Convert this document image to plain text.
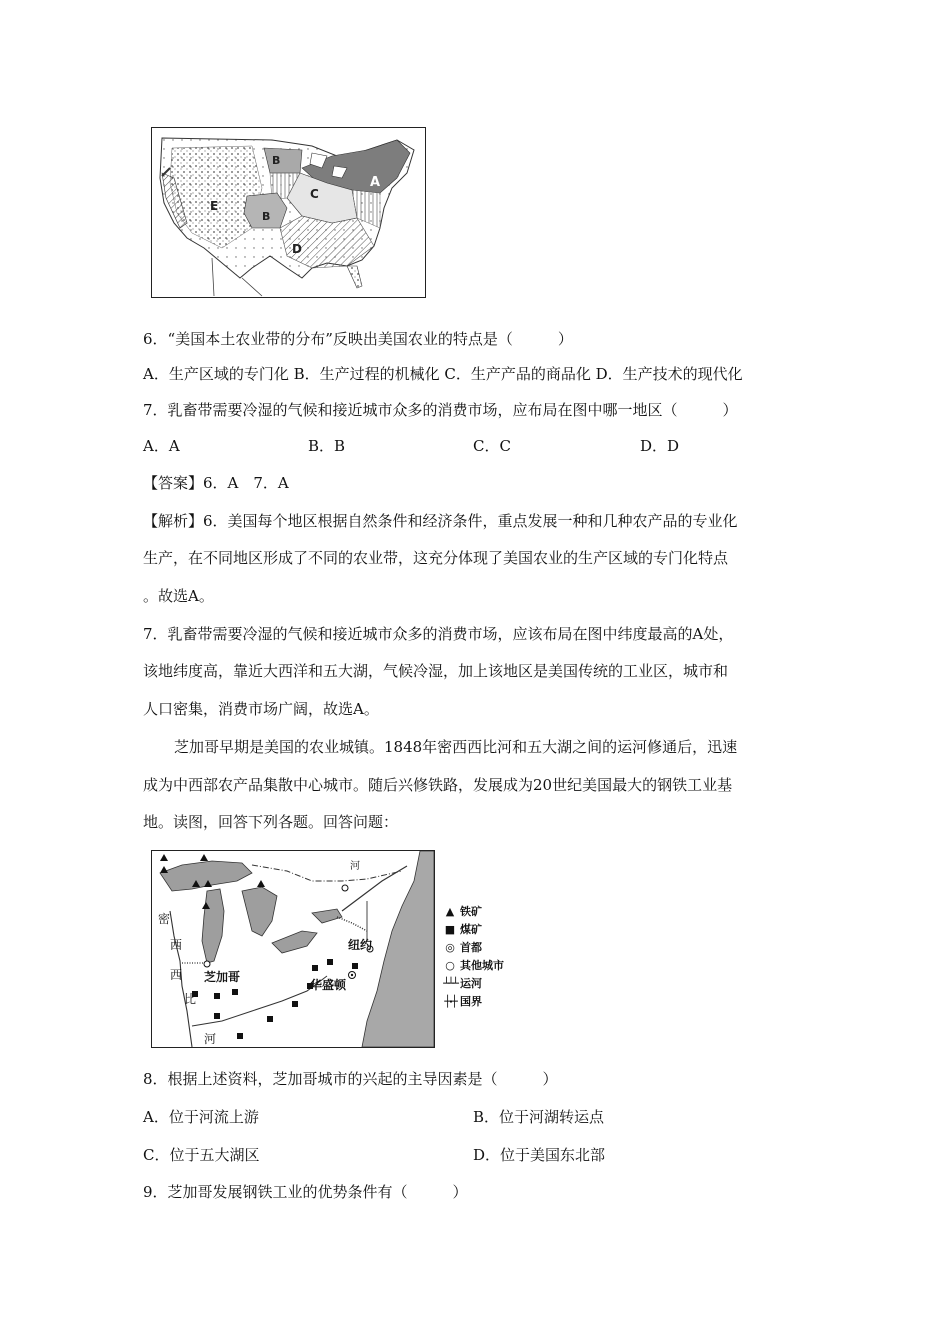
A
B
C
B
D
E
6．“美国本土农业带的分布”反映出美国农业的特点是（　　　）
A．生产区域的专门化 B．生产过程的机械化 C．生产产品的商品化 D．生产技术的现代化
7．乳畜带需要冷湿的气候和接近城市众多的消费市场，应布局在图中哪一地区（　　　）
A．A	B．B	C．C	D．D
【答案】6．A　7．A
【解析】6．美国每个地区根据自然条件和经济条件，重点发展一种和几种农产品的专业化
生产，在不同地区形成了不同的农业带，这充分体现了美国农业的生产区域的专门化特点
。故选A。
7．乳畜带需要冷湿的气候和接近城市众多的消费市场，应该布局在图中纬度最高的A处，
该地纬度高，靠近大西洋和五大湖，气候冷湿，加上该地区是美国传统的工业区，城市和
人口密集，消费市场广阔，故选A。
芝加哥早期是美国的农业城镇。1848年密西西比河和五大湖之间的运河修通后，迅速
成为中西部农产品集散中心城市。随后兴修铁路，发展成为20世纪美国最大的钢铁工业基
地。读图，回答下列各题。回答问题：
密
西
西
比
河
芝加哥
纽约
华盛顿
河
▲ 铁矿
■ 煤矿
◎ 首都
○ 其他城市
┴┴┴ 运河
┼·┼ 国界
8．根据上述资料，芝加哥城市的兴起的主导因素是（　　　）
A．位于河流上游	B．位于河湖转运点
C．位于五大湖区	D．位于美国东北部
9．芝加哥发展钢铁工业的优势条件有（　　　）
